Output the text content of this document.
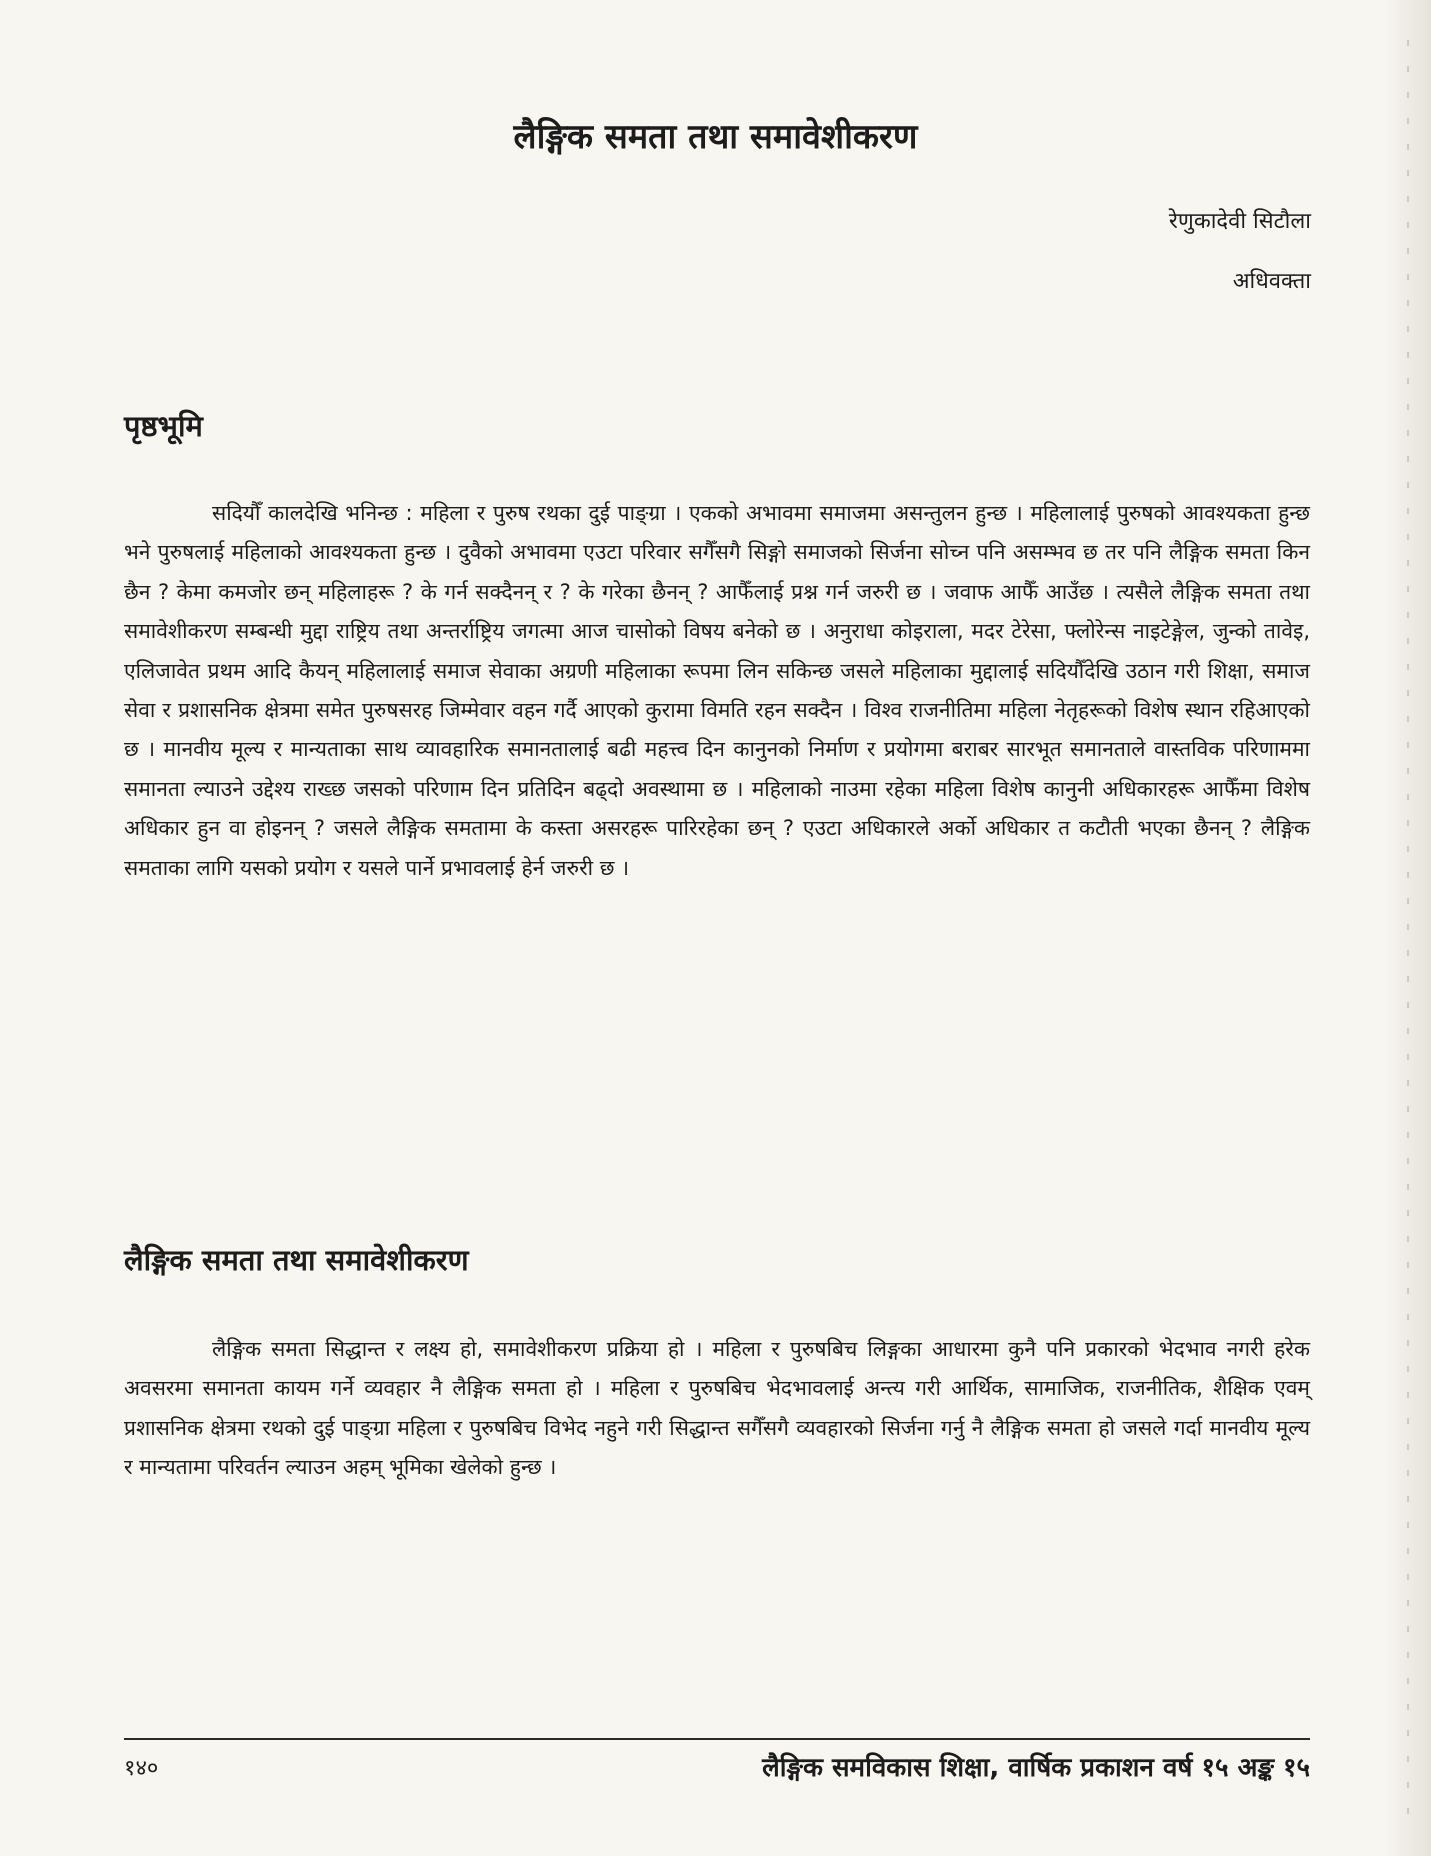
लैङ्गिक समता तथा समावेशीकरण
रेणुकादेवी सिटौला
अधिवक्ता
पृष्ठभूमि

सदियौँ कालदेखि भनिन्छ : महिला र पुरुष रथका दुई पाङ्ग्रा । एकको अभावमा समाजमा असन्तुलन हुन्छ । महिलालाई पुरुषको आवश्यकता हुन्छ भने पुरुषलाई महिलाको आवश्यकता हुन्छ । दुवैको अभावमा एउटा परिवार सगैँसगै सिङ्गो समाजको सिर्जना सोच्न पनि असम्भव छ तर पनि लैङ्गिक समता किन छैन ? केमा कमजोर छन् महिलाहरू ? के गर्न सक्दैनन् र ? के गरेका छैनन् ? आफैँलाई प्रश्न गर्न जरुरी छ । जवाफ आफैँ आउँछ । त्यसैले लैङ्गिक समता तथा समावेशीकरण सम्बन्धी मुद्दा राष्ट्रिय तथा अन्तर्राष्ट्रिय जगत्मा आज चासोको विषय बनेको छ । अनुराधा कोइराला, मदर टेरेसा, फ्लोरेन्स नाइटेङ्गेल, जुन्को तावेइ, एलिजावेत प्रथम आदि कैयन् महिलालाई समाज सेवाका अग्रणी महिलाका रूपमा लिन सकिन्छ जसले महिलाका मुद्दालाई सदियौँदेखि उठान गरी शिक्षा, समाज सेवा र प्रशासनिक क्षेत्रमा समेत पुरुषसरह जिम्मेवार वहन गर्दै आएको कुरामा विमति रहन सक्दैन । विश्व राजनीतिमा महिला नेतृहरूको विशेष स्थान रहिआएको छ । मानवीय मूल्य र मान्यताका साथ व्यावहारिक समानतालाई बढी महत्त्व दिन कानुनको निर्माण र प्रयोगमा बराबर सारभूत समानताले वास्तविक परिणाममा समानता ल्याउने उद्देश्य राख्छ जसको परिणाम दिन प्रतिदिन बढ्दो अवस्थामा छ । महिलाको नाउमा रहेका महिला विशेष कानुनी अधिकारहरू आफैँमा विशेष अधिकार हुन वा होइनन् ? जसले लैङ्गिक समतामा के कस्ता असरहरू पारिरहेका छन् ? एउटा अधिकारले अर्को अधिकार त कटौती भएका छैनन् ? लैङ्गिक समताका लागि यसको प्रयोग र यसले पार्ने प्रभावलाई हेर्न जरुरी छ ।

लैङ्गिक समता तथा समावेशीकरण

लैङ्गिक समता सिद्धान्त र लक्ष्य हो, समावेशीकरण प्रक्रिया हो । महिला र पुरुषबिच लिङ्गका आधारमा कुनै पनि प्रकारको भेदभाव नगरी हरेक अवसरमा समानता कायम गर्ने व्यवहार नै लैङ्गिक समता हो । महिला र पुरुषबिच भेदभावलाई अन्त्य गरी आर्थिक, सामाजिक, राजनीतिक, शैक्षिक एवम् प्रशासनिक क्षेत्रमा रथको दुई पाङ्ग्रा महिला र पुरुषबिच विभेद नहुने गरी सिद्धान्त सगैँसगै व्यवहारको सिर्जना गर्नु नै लैङ्गिक समता हो जसले गर्दा मानवीय मूल्य र मान्यतामा परिवर्तन ल्याउन अहम् भूमिका खेलेको हुन्छ ।

१४०	लैङ्गिक समविकास शिक्षा, वार्षिक प्रकाशन वर्ष १५ अङ्क १५
